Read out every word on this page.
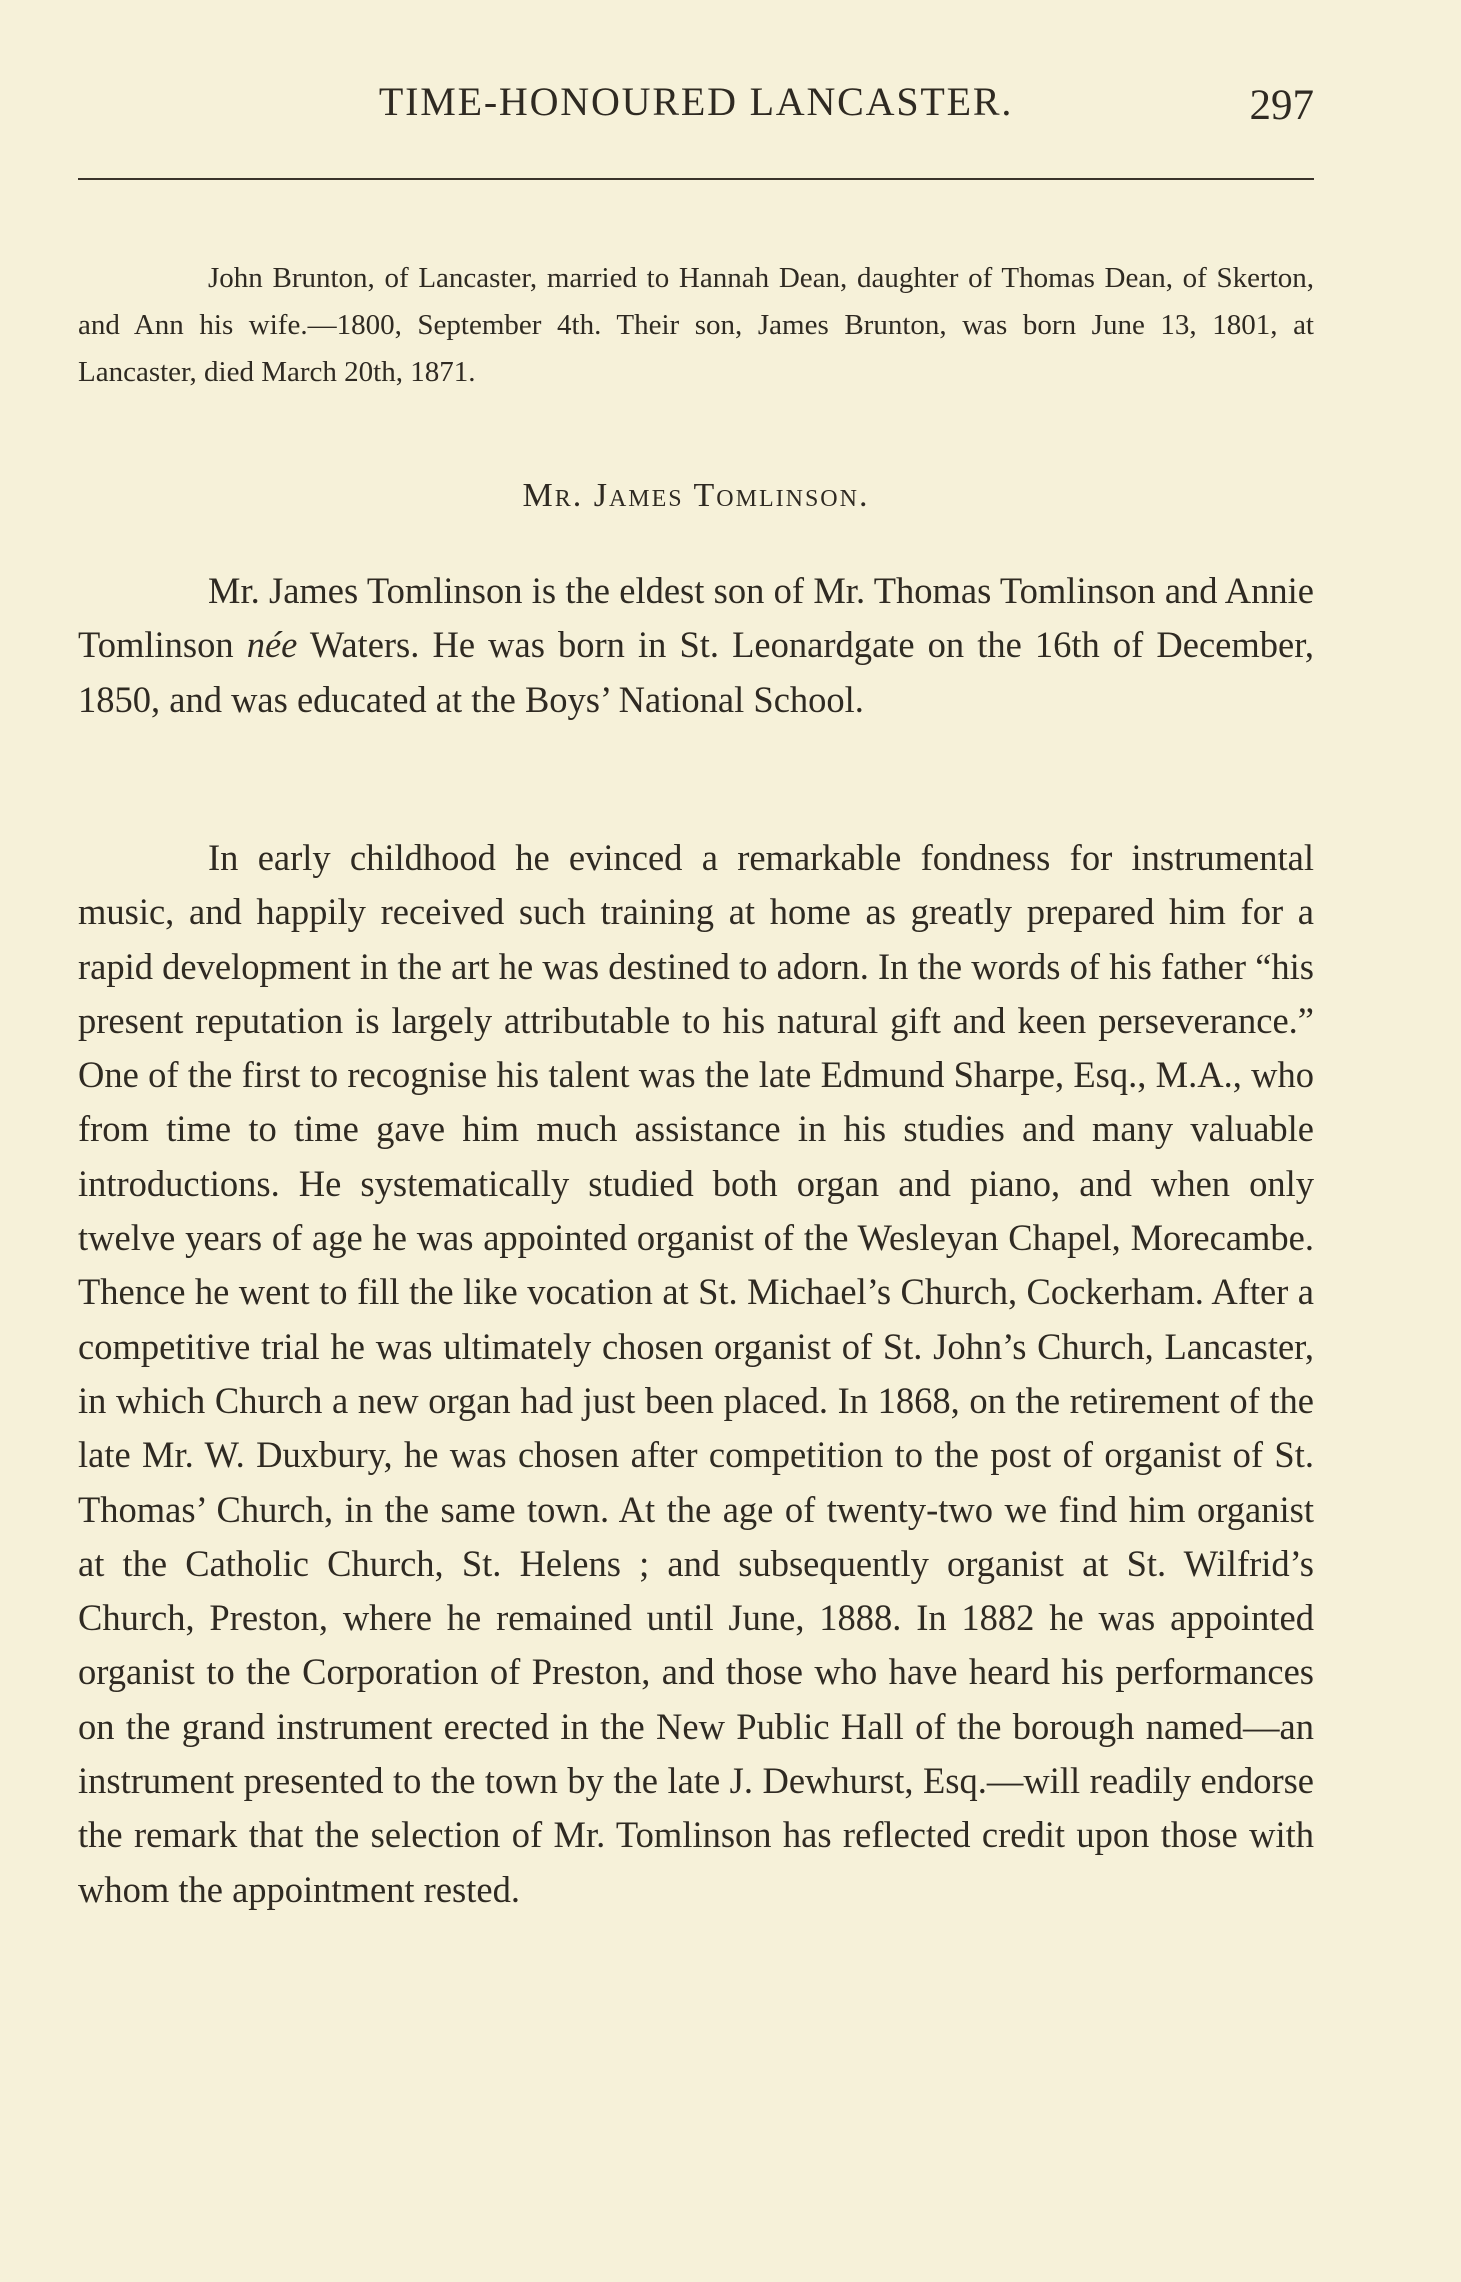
TIME-HONOURED LANCASTER.	297

John Brunton, of Lancaster, married to Hannah Dean, daughter of Thomas Dean, of Skerton, and Ann his wife.—1800, September 4th. Their son, James Brunton, was born June 13, 1801, at Lancaster, died March 20th, 1871.

Mr. James Tomlinson.

Mr. James Tomlinson is the eldest son of Mr. Thomas Tomlinson and Annie Tomlinson née Waters. He was born in St. Leonardgate on the 16th of December, 1850, and was educated at the Boys’ National School.

In early childhood he evinced a remarkable fondness for instrumental music, and happily received such training at home as greatly prepared him for a rapid development in the art he was destined to adorn. In the words of his father “his present reputation is largely attributable to his natural gift and keen perseverance.” One of the first to recognise his talent was the late Edmund Sharpe, Esq., M.A., who from time to time gave him much assistance in his studies and many valuable introductions. He systematically studied both organ and piano, and when only twelve years of age he was appointed organist of the Wesleyan Chapel, Morecambe. Thence he went to fill the like vocation at St. Michael’s Church, Cockerham. After a competitive trial he was ultimately chosen organist of St. John’s Church, Lancaster, in which Church a new organ had just been placed. In 1868, on the retirement of the late Mr. W. Duxbury, he was chosen after competition to the post of organist of St. Thomas’ Church, in the same town. At the age of twenty-two we find him organist at the Catholic Church, St. Helens ; and subsequently organist at St. Wilfrid’s Church, Preston, where he remained until June, 1888. In 1882 he was appointed organist to the Corporation of Preston, and those who have heard his performances on the grand instrument erected in the New Public Hall of the borough named—an instrument presented to the town by the late J. Dewhurst, Esq.—will readily endorse the remark that the selection of Mr. Tomlinson has reflected credit upon those with whom the appointment rested.
